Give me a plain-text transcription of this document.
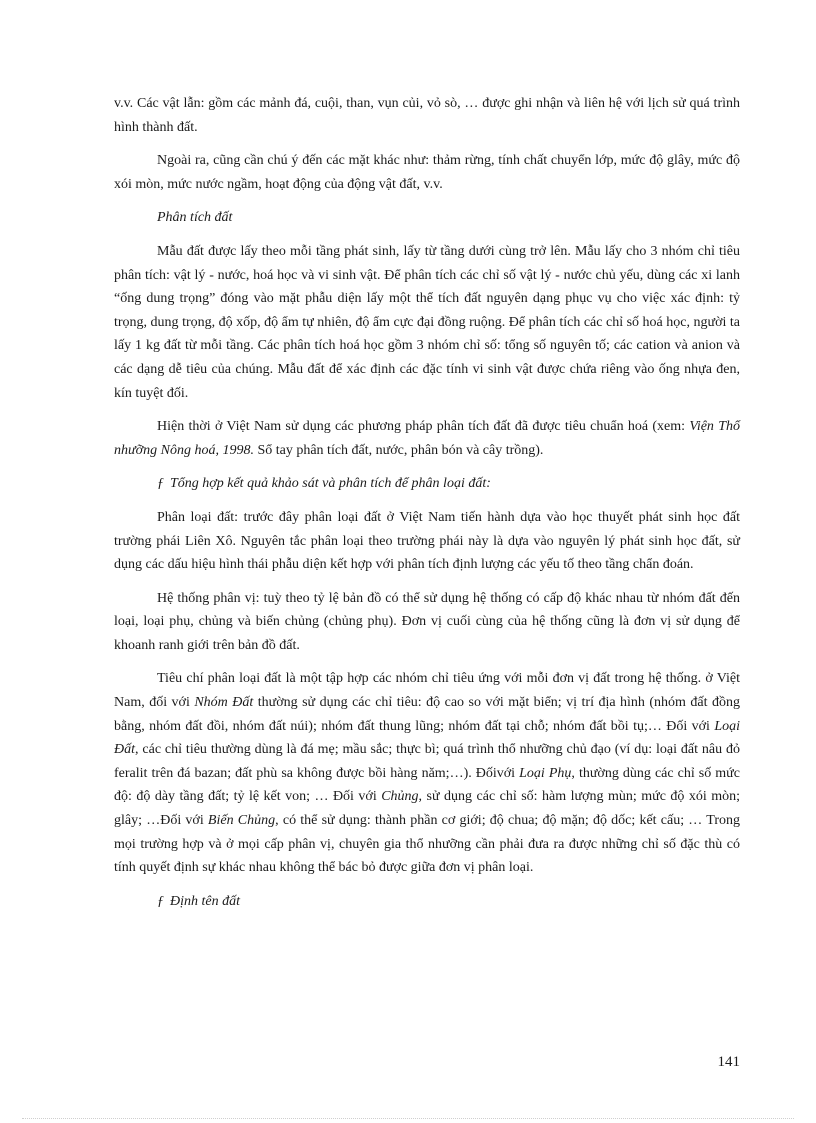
v.v. Các vật lẫn: gồm các mảnh đá, cuội, than, vụn củi, vỏ sò, … được ghi nhận và liên hệ với lịch sử quá trình hình thành đất.

Ngoài ra, cũng cần chú ý đến các mặt khác như: thảm rừng, tính chất chuyển lớp, mức độ glây, mức độ xói mòn, mức nước ngầm, hoạt động của động vật đất, v.v.

Phân tích đất

Mẫu đất được lấy theo mỗi tầng phát sinh, lấy từ tầng dưới cùng trở lên. Mẫu lấy cho 3 nhóm chỉ tiêu phân tích: vật lý - nước, hoá học và vi sinh vật. Để phân tích các chỉ số vật lý - nước chủ yếu, dùng các xi lanh “ống dung trọng” đóng vào mặt phẫu diện lấy một thể tích đất nguyên dạng phục vụ cho việc xác định: tỷ trọng, dung trọng, độ xốp, độ ẩm tự nhiên, độ ẩm cực đại đồng ruộng. Để phân tích các chỉ số hoá học, người ta lấy 1 kg đất từ mỗi tầng. Các phân tích hoá học gồm 3 nhóm chỉ số: tổng số nguyên tố; các cation và anion và các dạng dễ tiêu của chúng. Mẫu đất để xác định các đặc tính vi sinh vật được chứa riêng vào ống nhựa đen, kín tuyệt đối.

Hiện thời ở Việt Nam sử dụng các phương pháp phân tích đất đã được tiêu chuẩn hoá (xem: Viện Thổ nhưỡng Nông hoá, 1998. Sổ tay phân tích đất, nước, phân bón và cây trồng).

ƒ Tổng hợp kết quả khảo sát và phân tích để phân loại đất:

Phân loại đất: trước đây phân loại đất ở Việt Nam tiến hành dựa vào học thuyết phát sinh học đất trường phái Liên Xô. Nguyên tắc phân loại theo trường phái này là dựa vào nguyên lý phát sinh học đất, sử dụng các dấu hiệu hình thái phẫu diện kết hợp với phân tích định lượng các yếu tố theo tầng chẩn đoán.

Hệ thống phân vị: tuỳ theo tỷ lệ bản đồ có thể sử dụng hệ thống có cấp độ khác nhau từ nhóm đất đến loại, loại phụ, chủng và biến chủng (chủng phụ). Đơn vị cuối cùng của hệ thống cũng là đơn vị sử dụng để khoanh ranh giới trên bản đồ đất.

Tiêu chí phân loại đất là một tập hợp các nhóm chỉ tiêu ứng với mỗi đơn vị đất trong hệ thống. ở Việt Nam, đối với Nhóm Đất thường sử dụng các chỉ tiêu: độ cao so với mặt biển; vị trí địa hình (nhóm đất đồng bằng, nhóm đất đồi, nhóm đất núi); nhóm đất thung lũng; nhóm đất tại chỗ; nhóm đất bồi tụ;… Đối với Loại Đất, các chỉ tiêu thường dùng là đá mẹ; mầu sắc; thực bì; quá trình thổ nhưỡng chủ đạo (ví dụ: loại đất nâu đỏ feralit trên đá bazan; đất phù sa không được bồi hàng năm;…). Đốivới Loại Phụ, thường dùng các chỉ số mức độ: độ dày tầng đất; tỷ lệ kết von; … Đối với Chủng, sử dụng các chỉ số: hàm lượng mùn; mức độ xói mòn; glây; …Đối với Biến Chủng, có thể sử dụng: thành phần cơ giới; độ chua; độ mặn; độ dốc; kết cấu; … Trong mọi trường hợp và ở mọi cấp phân vị, chuyên gia thổ nhưỡng cần phải đưa ra được những chỉ số đặc thù có tính quyết định sự khác nhau không thể bác bỏ được giữa đơn vị phân loại.

ƒ Định tên đất

141
